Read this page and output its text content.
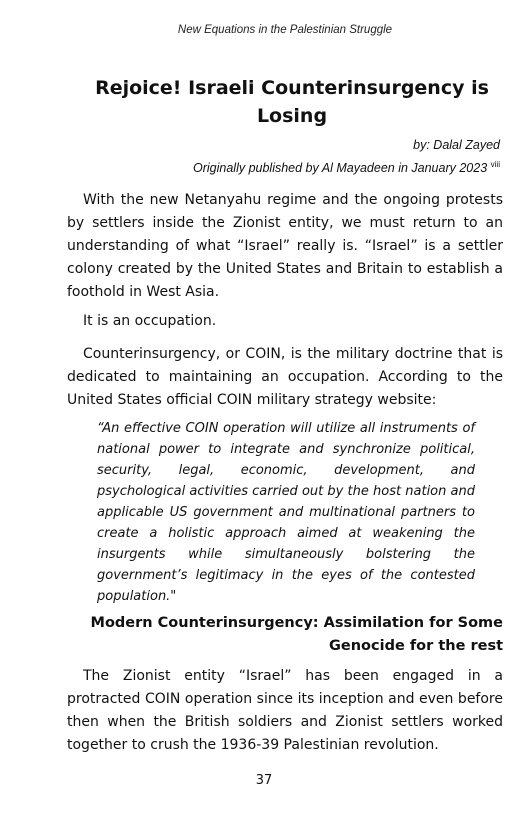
New Equations in the Palestinian Struggle
Rejoice! Israeli Counterinsurgency is Losing
by: Dalal Zayed
Originally published by Al Mayadeen in January 2023 $^{viii}$

With the new Netanyahu regime and the ongoing protests by settlers inside the Zionist entity, we must return to an understanding of what “Israel” really is. “Israel” is a settler colony created by the United States and Britain to establish a foothold in West Asia.

It is an occupation.

Counterinsurgency, or COIN, is the military doctrine that is dedicated to maintaining an occupation. According to the United States official COIN military strategy website:

“An effective COIN operation will utilize all instruments of national power to integrate and synchronize political, security, legal, economic, development, and psychological activities carried out by the host nation and applicable US government and multinational partners to create a holistic approach aimed at weakening the insurgents while simultaneously bolstering the government’s legitimacy in the eyes of the contested population."

Modern Counterinsurgency: Assimilation for Some Genocide for the rest

The Zionist entity “Israel” has been engaged in a protracted COIN operation since its inception and even before then when the British soldiers and Zionist settlers worked together to crush the 1936-39 Palestinian revolution.

37
